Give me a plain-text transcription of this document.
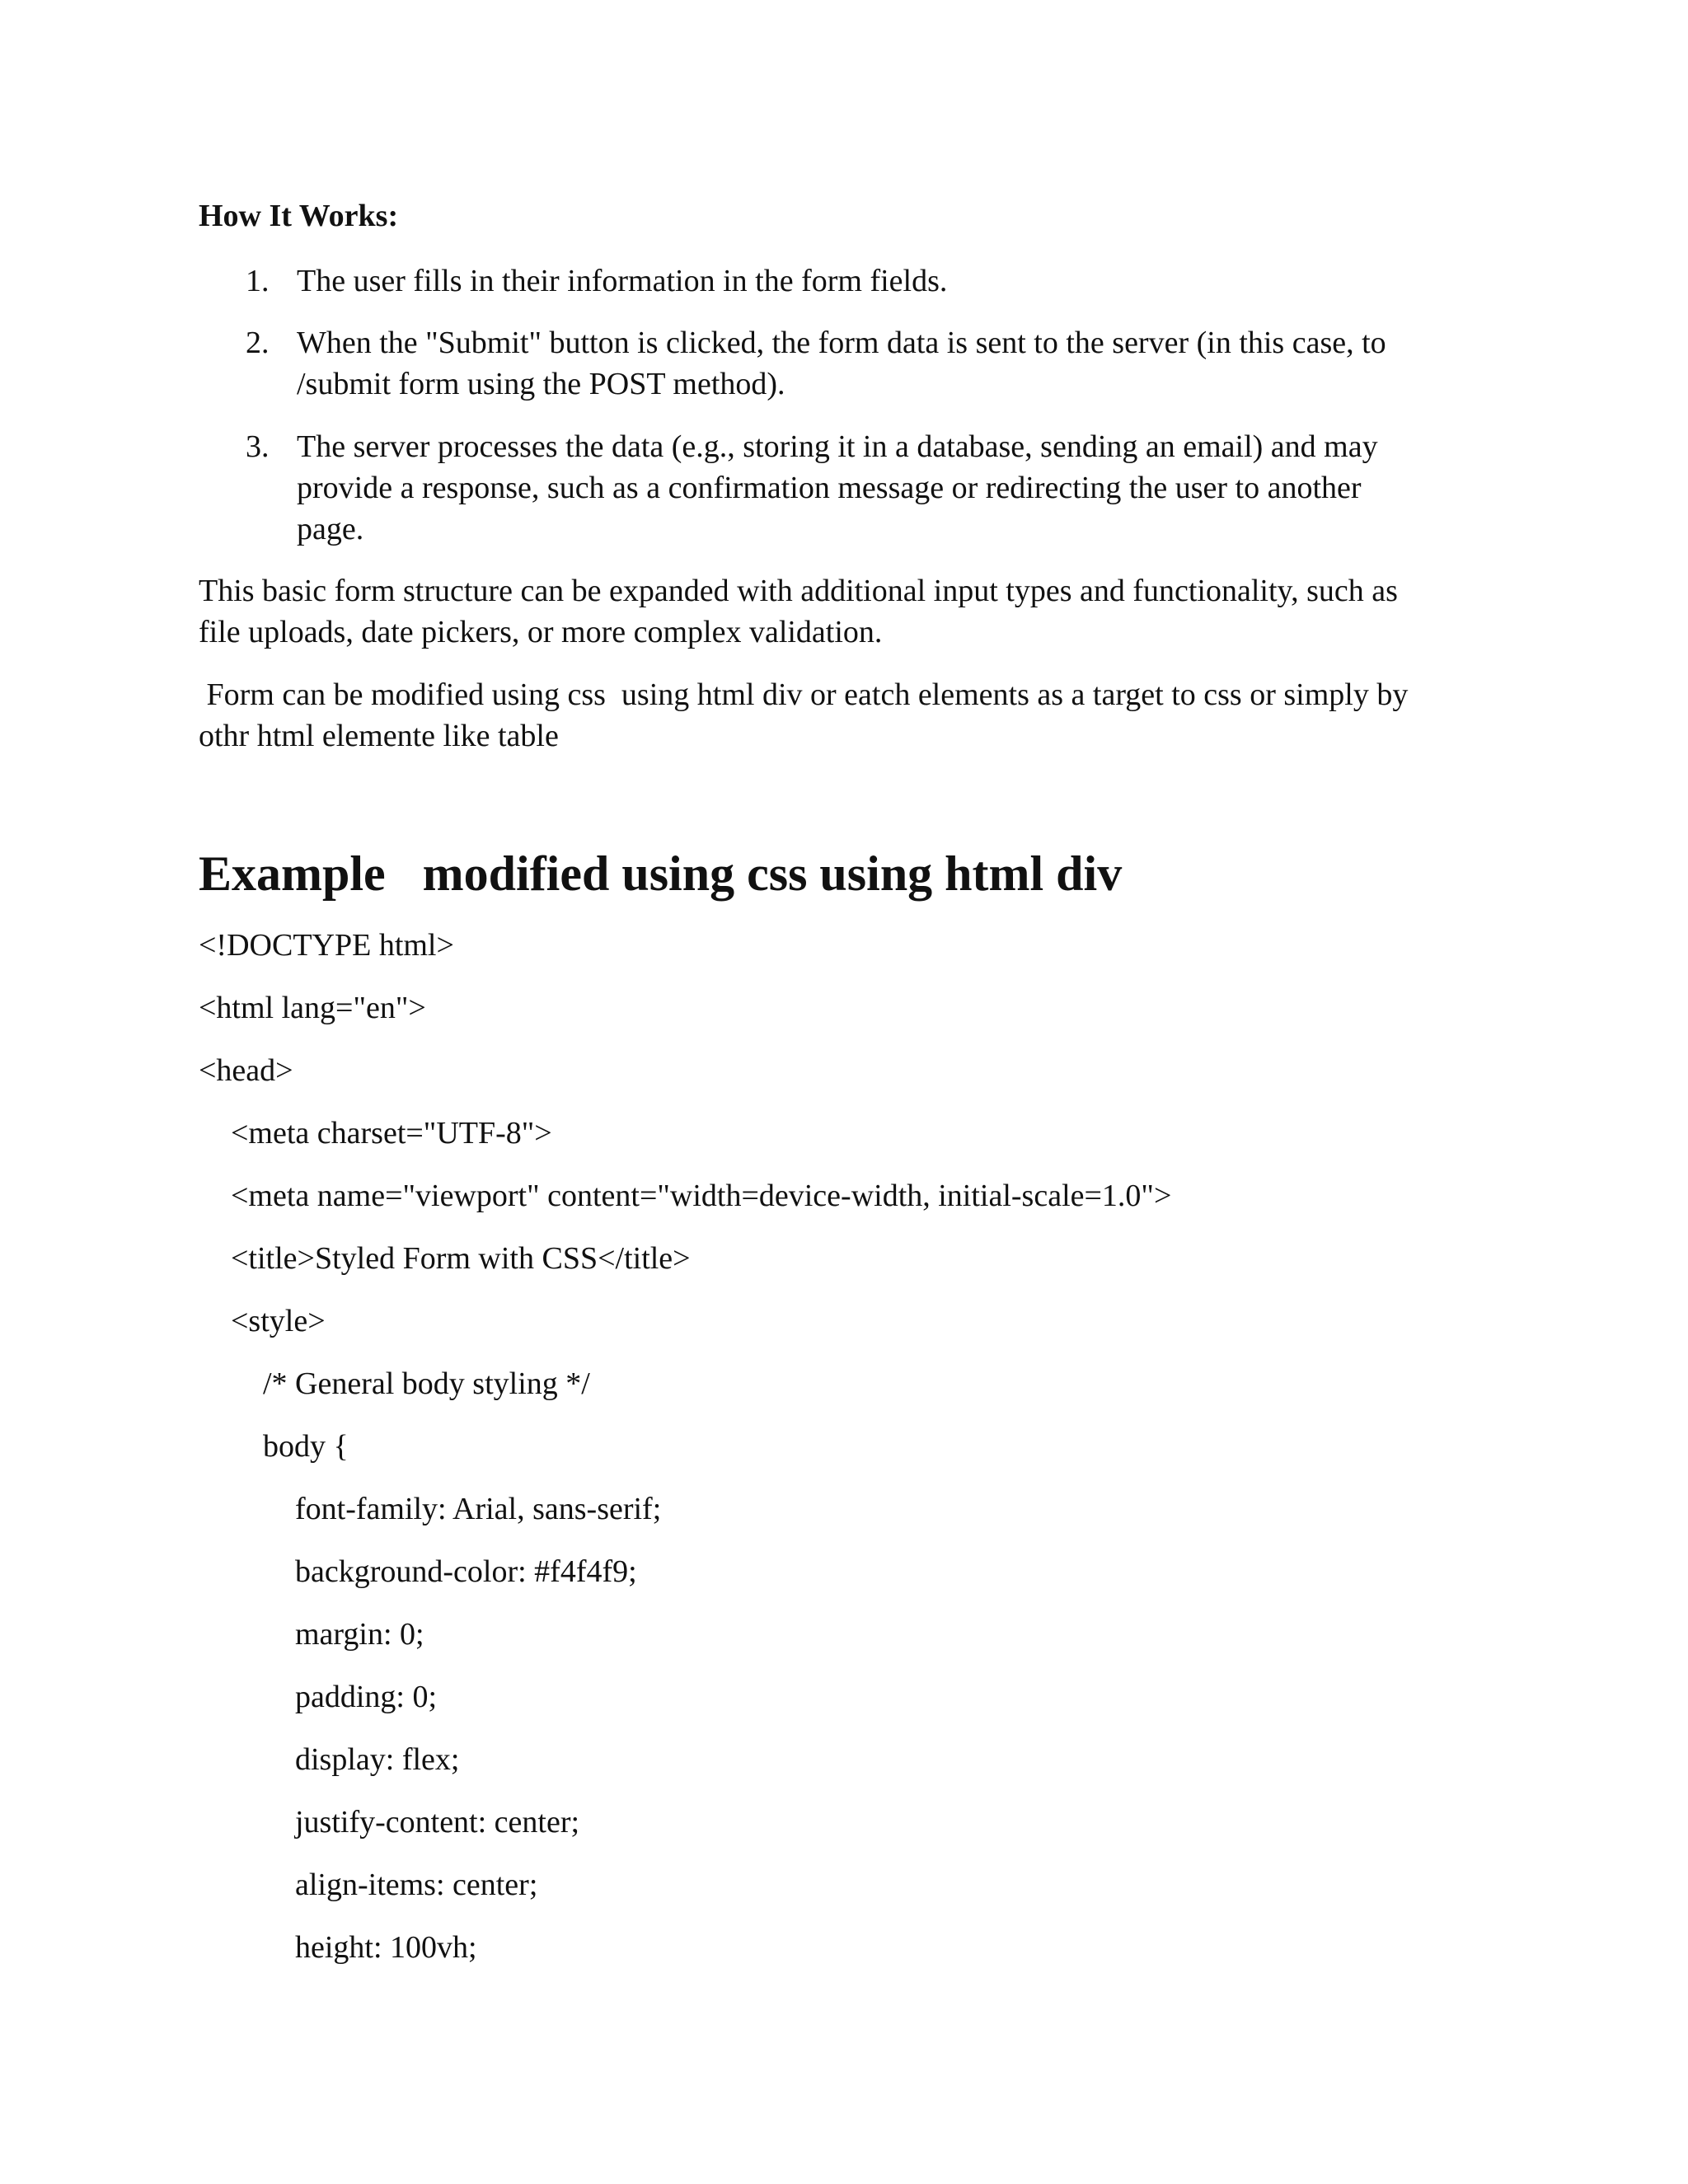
How It Works:

1. The user fills in their information in the form fields.
2. When the "Submit" button is clicked, the form data is sent to the server (in this case, to
/submit form using the POST method).
3. The server processes the data (e.g., storing it in a database, sending an email) and may
provide a response, such as a confirmation message or redirecting the user to another
page.

This basic form structure can be expanded with additional input types and functionality, such as

file uploads, date pickers, or more complex validation.

Form can be modified using css  using html div or eatch elements as a target to css or simply by

othr html elemente like table

Example   modified using css using html div

<!DOCTYPE html>

<html lang="en">

<head>

<meta charset="UTF-8">

<meta name="viewport" content="width=device-width, initial-scale=1.0">

<title>Styled Form with CSS</title>

<style>

/* General body styling */

body {

font-family: Arial, sans-serif;

background-color: #f4f4f9;

margin: 0;

padding: 0;

display: flex;

justify-content: center;

align-items: center;

height: 100vh;
